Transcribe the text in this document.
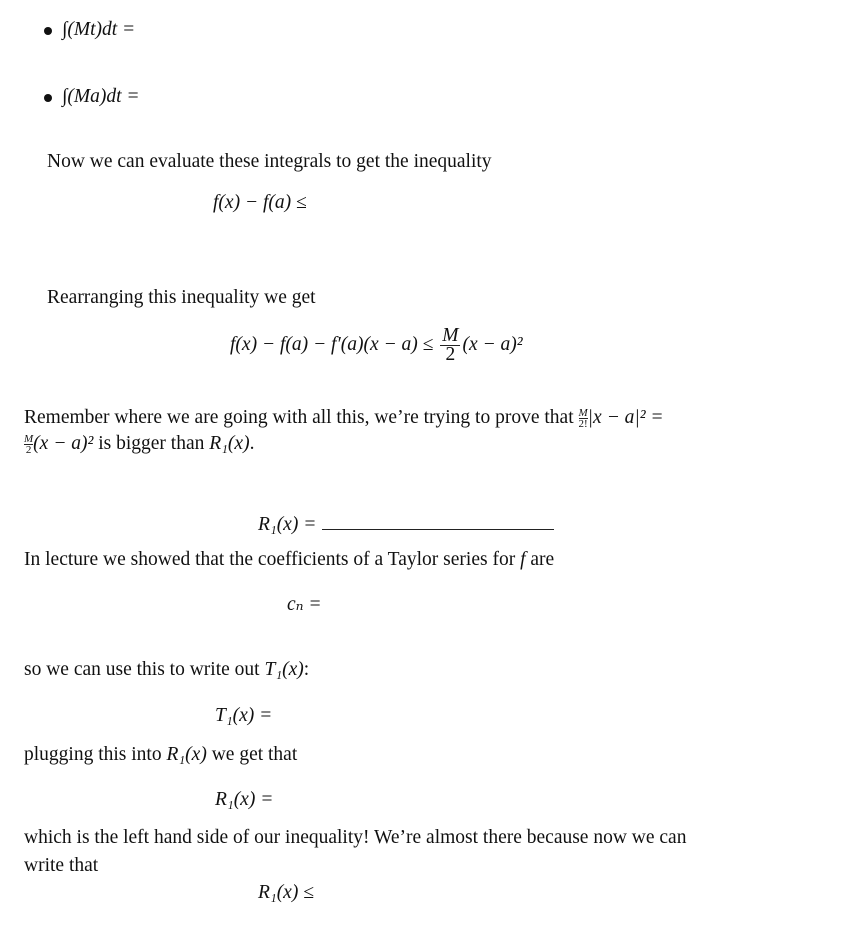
∫(Mt)dt =
∫(Ma)dt =
Now we can evaluate these integrals to get the inequality
f(x) − f(a) ≤
Rearranging this inequality we get
$f(x) - f(a) - f'(a)(x - a) \le \frac{M}{2} (x - a)^2$
Remember where we are going with all this, we’re trying to prove that $\frac{M}{2!} |x - a|^2$ =
$\frac{M}{2} (x - a)^2$ is bigger than R₁(x).
R₁(x) =
In lecture we showed that the coefficients of a Taylor series for f are
cₙ =
so we can use this to write out T₁(x):
T₁(x) =
plugging this into R₁(x) we get that
R₁(x) =
which is the left hand side of our inequality! We’re almost there because now we can
write that
R₁(x) ≤
